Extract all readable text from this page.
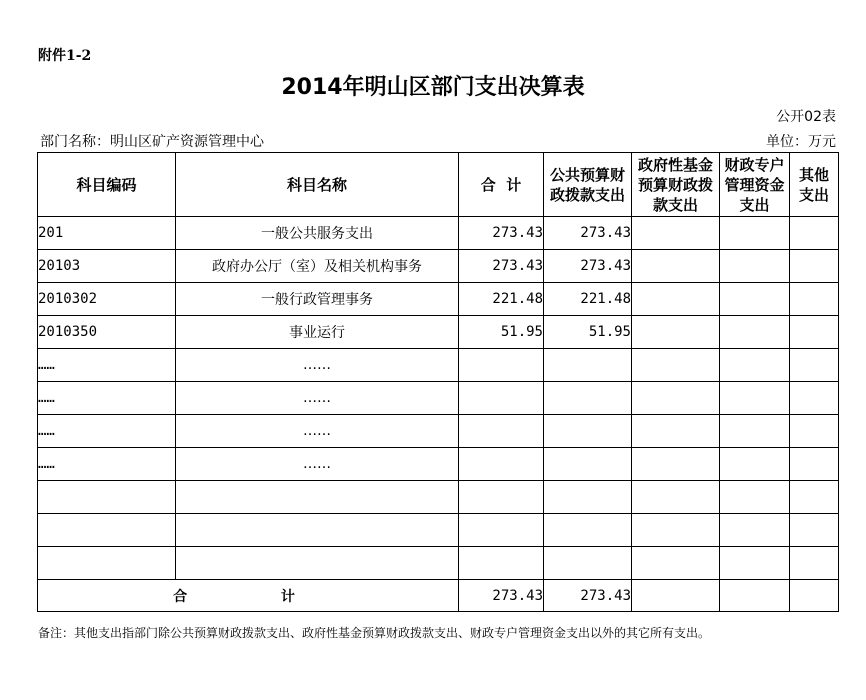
附件1-2
2014年明山区部门支出决算表
公开02表
部门名称：明山区矿产资源管理中心	单位：万元
科目编码	科目名称	合  计	公共预算财政拨款支出	政府性基金预算财政拨款支出	财政专户管理资金支出	其他支出

201	一般公共服务支出	273.43	273.43			
20103	政府办公厅（室）及相关机构事务	273.43	273.43			
2010302	一般行政管理事务	221.48	221.48			
2010350	事业运行	51.95	51.95			
……	……					
……	……					
……	……					
……	……					

合  计		273.43	273.43			
备注：其他支出指部门除公共预算财政拨款支出、政府性基金预算财政拨款支出、财政专户管理资金支出以外的其它所有支出。
